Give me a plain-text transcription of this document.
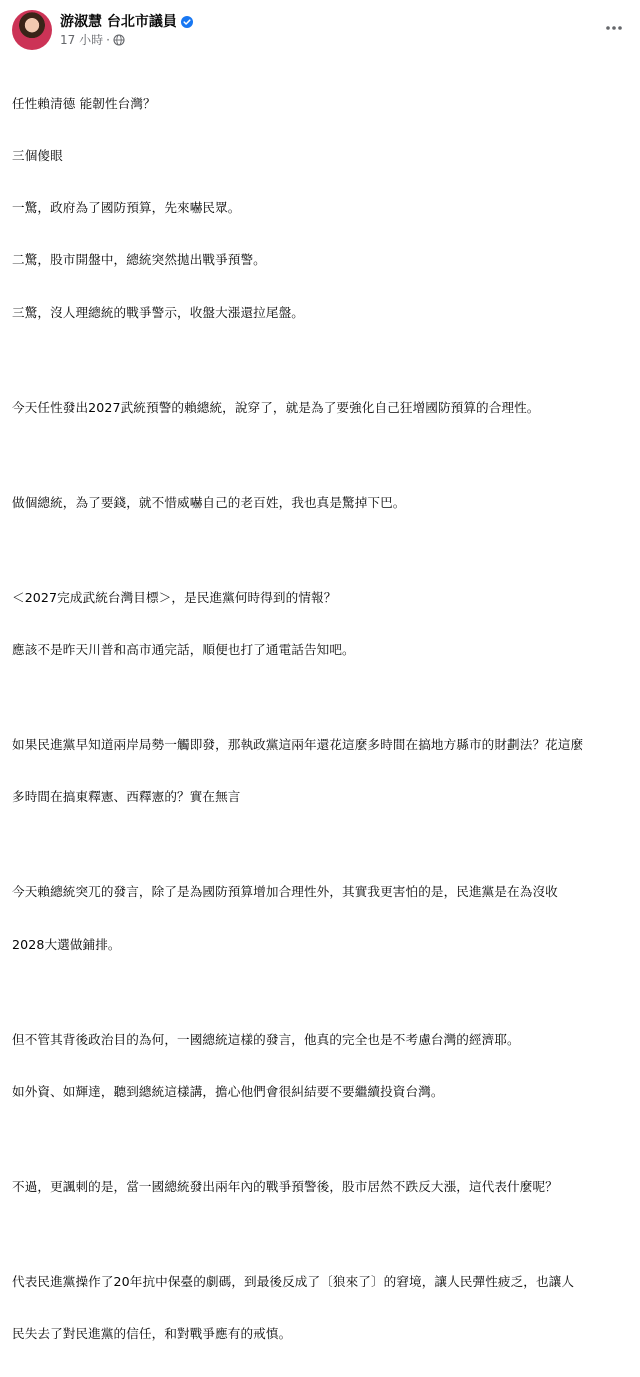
游淑慧 台北市議員
17 小時 ·

任性賴清德 能韌性台灣？

三個傻眼

一驚，政府為了國防預算，先來嚇民眾。

二驚，股市開盤中，總統突然拋出戰爭預警。

三驚，沒人理總統的戰爭警示，收盤大漲還拉尾盤。

今天任性發出2027武統預警的賴總統，說穿了，就是為了要強化自己狂增國防預算的合理性。

做個總統，為了要錢，就不惜威嚇自己的老百姓，我也真是驚掉下巴。

＜2027完成武統台灣目標＞，是民進黨何時得到的情報？

應該不是昨天川普和高市通完話，順便也打了通電話告知吧。

如果民進黨早知道兩岸局勢一觸即發，那執政黨這兩年還花這麼多時間在搞地方縣市的財劃法？花這麼

多時間在搞東釋憲、西釋憲的？實在無言

今天賴總統突兀的發言，除了是為國防預算增加合理性外，其實我更害怕的是，民進黨是在為沒收

2028大選做鋪排。

但不管其背後政治目的為何，一國總統這樣的發言，他真的完全也是不考慮台灣的經濟耶。

如外資、如輝達，聽到總統這樣講，擔心他們會很糾結要不要繼續投資台灣。

不過，更諷刺的是，當一國總統發出兩年內的戰爭預警後，股市居然不跌反大漲，這代表什麼呢？

代表民進黨操作了20年抗中保臺的劇碼，到最後反成了〔狼來了〕的窘境，讓人民彈性疲乏，也讓人

民失去了對民進黨的信任，和對戰爭應有的戒慎。
